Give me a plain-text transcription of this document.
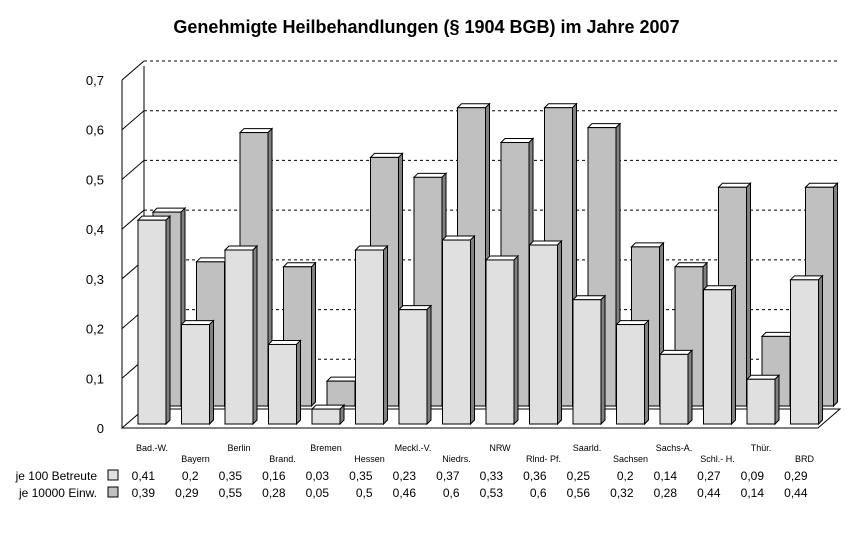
Genehmigte Heilbehandlungen (§ 1904 BGB) im Jahre 2007
0
0,1
0,2
0,3
0,4
0,5
0,6
0,7
Bad.-W.
Bayern
Berlin
Brand.
Bremen
Hessen
Meckl.-V.
Niedrs.
NRW
Rlnd- Pf.
Saarld.
Sachsen
Sachs-A.
Schl.- H.
Thür.
BRD
je 100 Betreute	0,41 0,2 0,35 0,16 0,03 0,35 0,23 0,37 0,33 0,36 0,25 0,2 0,14 0,27 0,09 0,29
je 10000 Einw.	0,39 0,29 0,55 0,28 0,05 0,5 0,46 0,6 0,53 0,6 0,56 0,32 0,28 0,44 0,14 0,44
